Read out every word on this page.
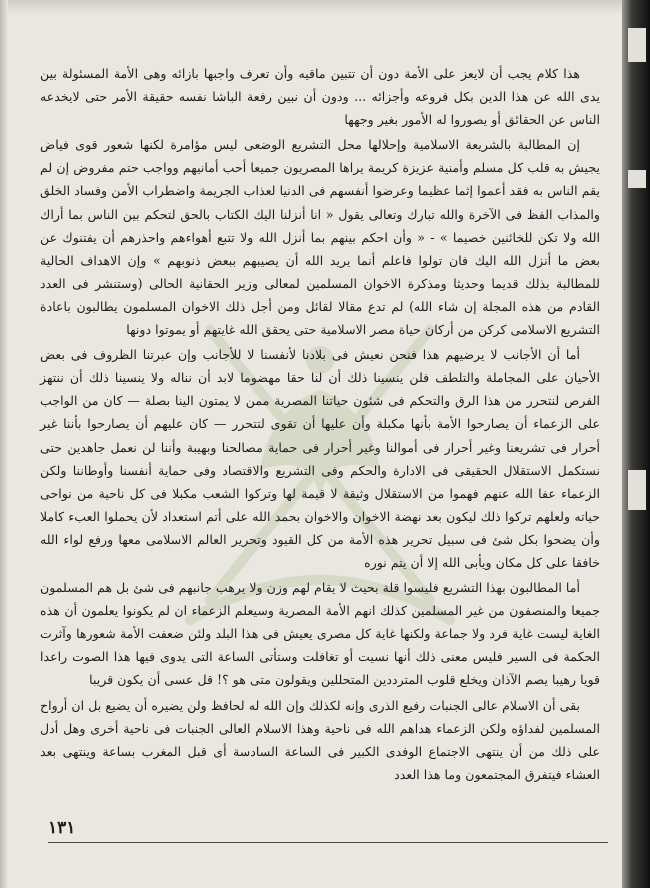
هذا كلام يجب أن لايعز على الأمة دون أن تتبين ماقيه وأن تعرف واجبها بازائه وهى الأمة المسئولة بين يدى الله عن هذا الدين بكل فروعه وأجزائه ... ودون أن نبين رفعة الباشا نفسه حقيقة الأمر حتى لايخدعه الناس عن الحقائق أو يصوروا له الأمور بغير وجهها

إن المطالبة بالشريعة الاسلامية وإحلالها محل التشريع الوضعى ليس مؤامرة لكنها شعور قوى فياض يجيش به قلب كل مسلم وأمنية عزيزة كريمة يراها المصريون جميعا أحب أمانيهم وواجب حتم مفروض إن لم يقم الناس به فقد أعموا إثما عظيما وعرضوا أنفسهم فى الدنيا لعذاب الجريمة واضطراب الأمن وفساد الخلق والمذاب الفظ فى الآخرة والله تبارك وتعالى يقول « انا أنزلنا اليك الكتاب بالحق لتحكم بين الناس بما أراك الله ولا تكن للخائنين خصيما » - « وأن احكم بينهم بما أنزل الله ولا تتبع أهواءهم واحذرهم أن يفتنوك عن بعض ما أنزل الله اليك فان تولوا فاعلم أنما يريد الله أن يصيبهم ببعض ذنوبهم » وإن الاهداف الحالية للمطالبة بذلك قديما وحديثا ومذكرة الاخوان المسلمين لمعالى وزير الحقانية الحالى (وستنشر فى العدد القادم من هذه المجلة إن شاء الله) لم تدع مقالا لقائل ومن أجل ذلك الاخوان المسلمون يطالبون باعادة التشريع الاسلامى كركن من أركان حياة مصر الاسلامية حتى يحقق الله غايتهم أو يموتوا دونها

أما أن الأجانب لا يرضيهم هذا فنحن نعيش فى بلادنا لأنفسنا لا للأجانب وإن عبرتنا الظروف فى بعض الأحيان على المجاملة والتلطف فلن ينسينا ذلك أن لنا حقا مهضوما لابد أن نناله ولا ينسينا ذلك أن ننتهز الفرص لنتحرر من هذا الرق والتحكم فى شئون حياتنا المصرية ممن لا يمتون الينا بصلة — كان من الواجب على الزعماء أن يصارحوا الأمة بأنها مكبلة وأن عليها أن تقوى لتتحرر — كان عليهم أن يصارحوا بأننا غير أحرار فى تشريعنا وغير أحرار فى أموالنا وغير أحرار فى حماية مصالحنا وبهيبة وأننا لن نعمل جاهدين حتى نستكمل الاستقلال الحقيقى فى الادارة والحكم وفى التشريع والاقتصاد وفى حماية أنفسنا وأوطاننا ولكن الزعماء عفا الله عنهم فهموا من الاستقلال وثيقة لا قيمة لها وتركوا الشعب مكبلا فى كل ناحية من نواحى حياته ولعلهم تركوا ذلك ليكون بعد نهضة الاخوان والاخوان بحمد الله على أتم استعداد لأن يحملوا العبء كاملا وأن يضحوا بكل شئ فى سبيل تحرير هذه الأمة من كل القيود وتحرير العالم الاسلامى معها ورفع لواء الله خافقا على كل مكان ويأبى الله إلا أن يتم نوره

أما المطالبون بهذا التشريع فليسوا قلة بحيث لا يقام لهم وزن ولا يرهب جانبهم فى شئ بل هم المسلمون جميعا والمنصفون من غير المسلمين كذلك انهم الأمة المصرية وسيعلم الزعماء ان لم يكونوا يعلمون أن هذه الغاية ليست غاية فرد ولا جماعة ولكنها غاية كل مصرى يعيش فى هذا البلد ولئن ضعفت الأمة شعورها وآثرت الحكمة فى السير فليس معنى ذلك أنها نسيت أو تغافلت وستأتى الساعة التى يدوى فيها هذا الصوت راعدا قويا رهيبا يصم الآذان ويخلع قلوب المترددين المتحللين ويقولون متى هو ؟! قل عسى أن يكون قريبا

بقى أن الاسلام عالى الجنبات رفيع الذرى وإنه لكذلك وإن الله له لحافظ ولن يضيره أن يضيع بل ان أرواح المسلمين لفداؤه ولكن الزعماء هداهم الله فى ناحية وهذا الاسلام العالى الجنبات فى ناحية أخرى وهل أدل على ذلك من أن ينتهى الاجتماع الوفدى الكبير فى الساعة السادسة أى قبل المغرب بساعة وينتهى بعد العشاء فيتفرق المجتمعون وما هذا العدد

١٣١
